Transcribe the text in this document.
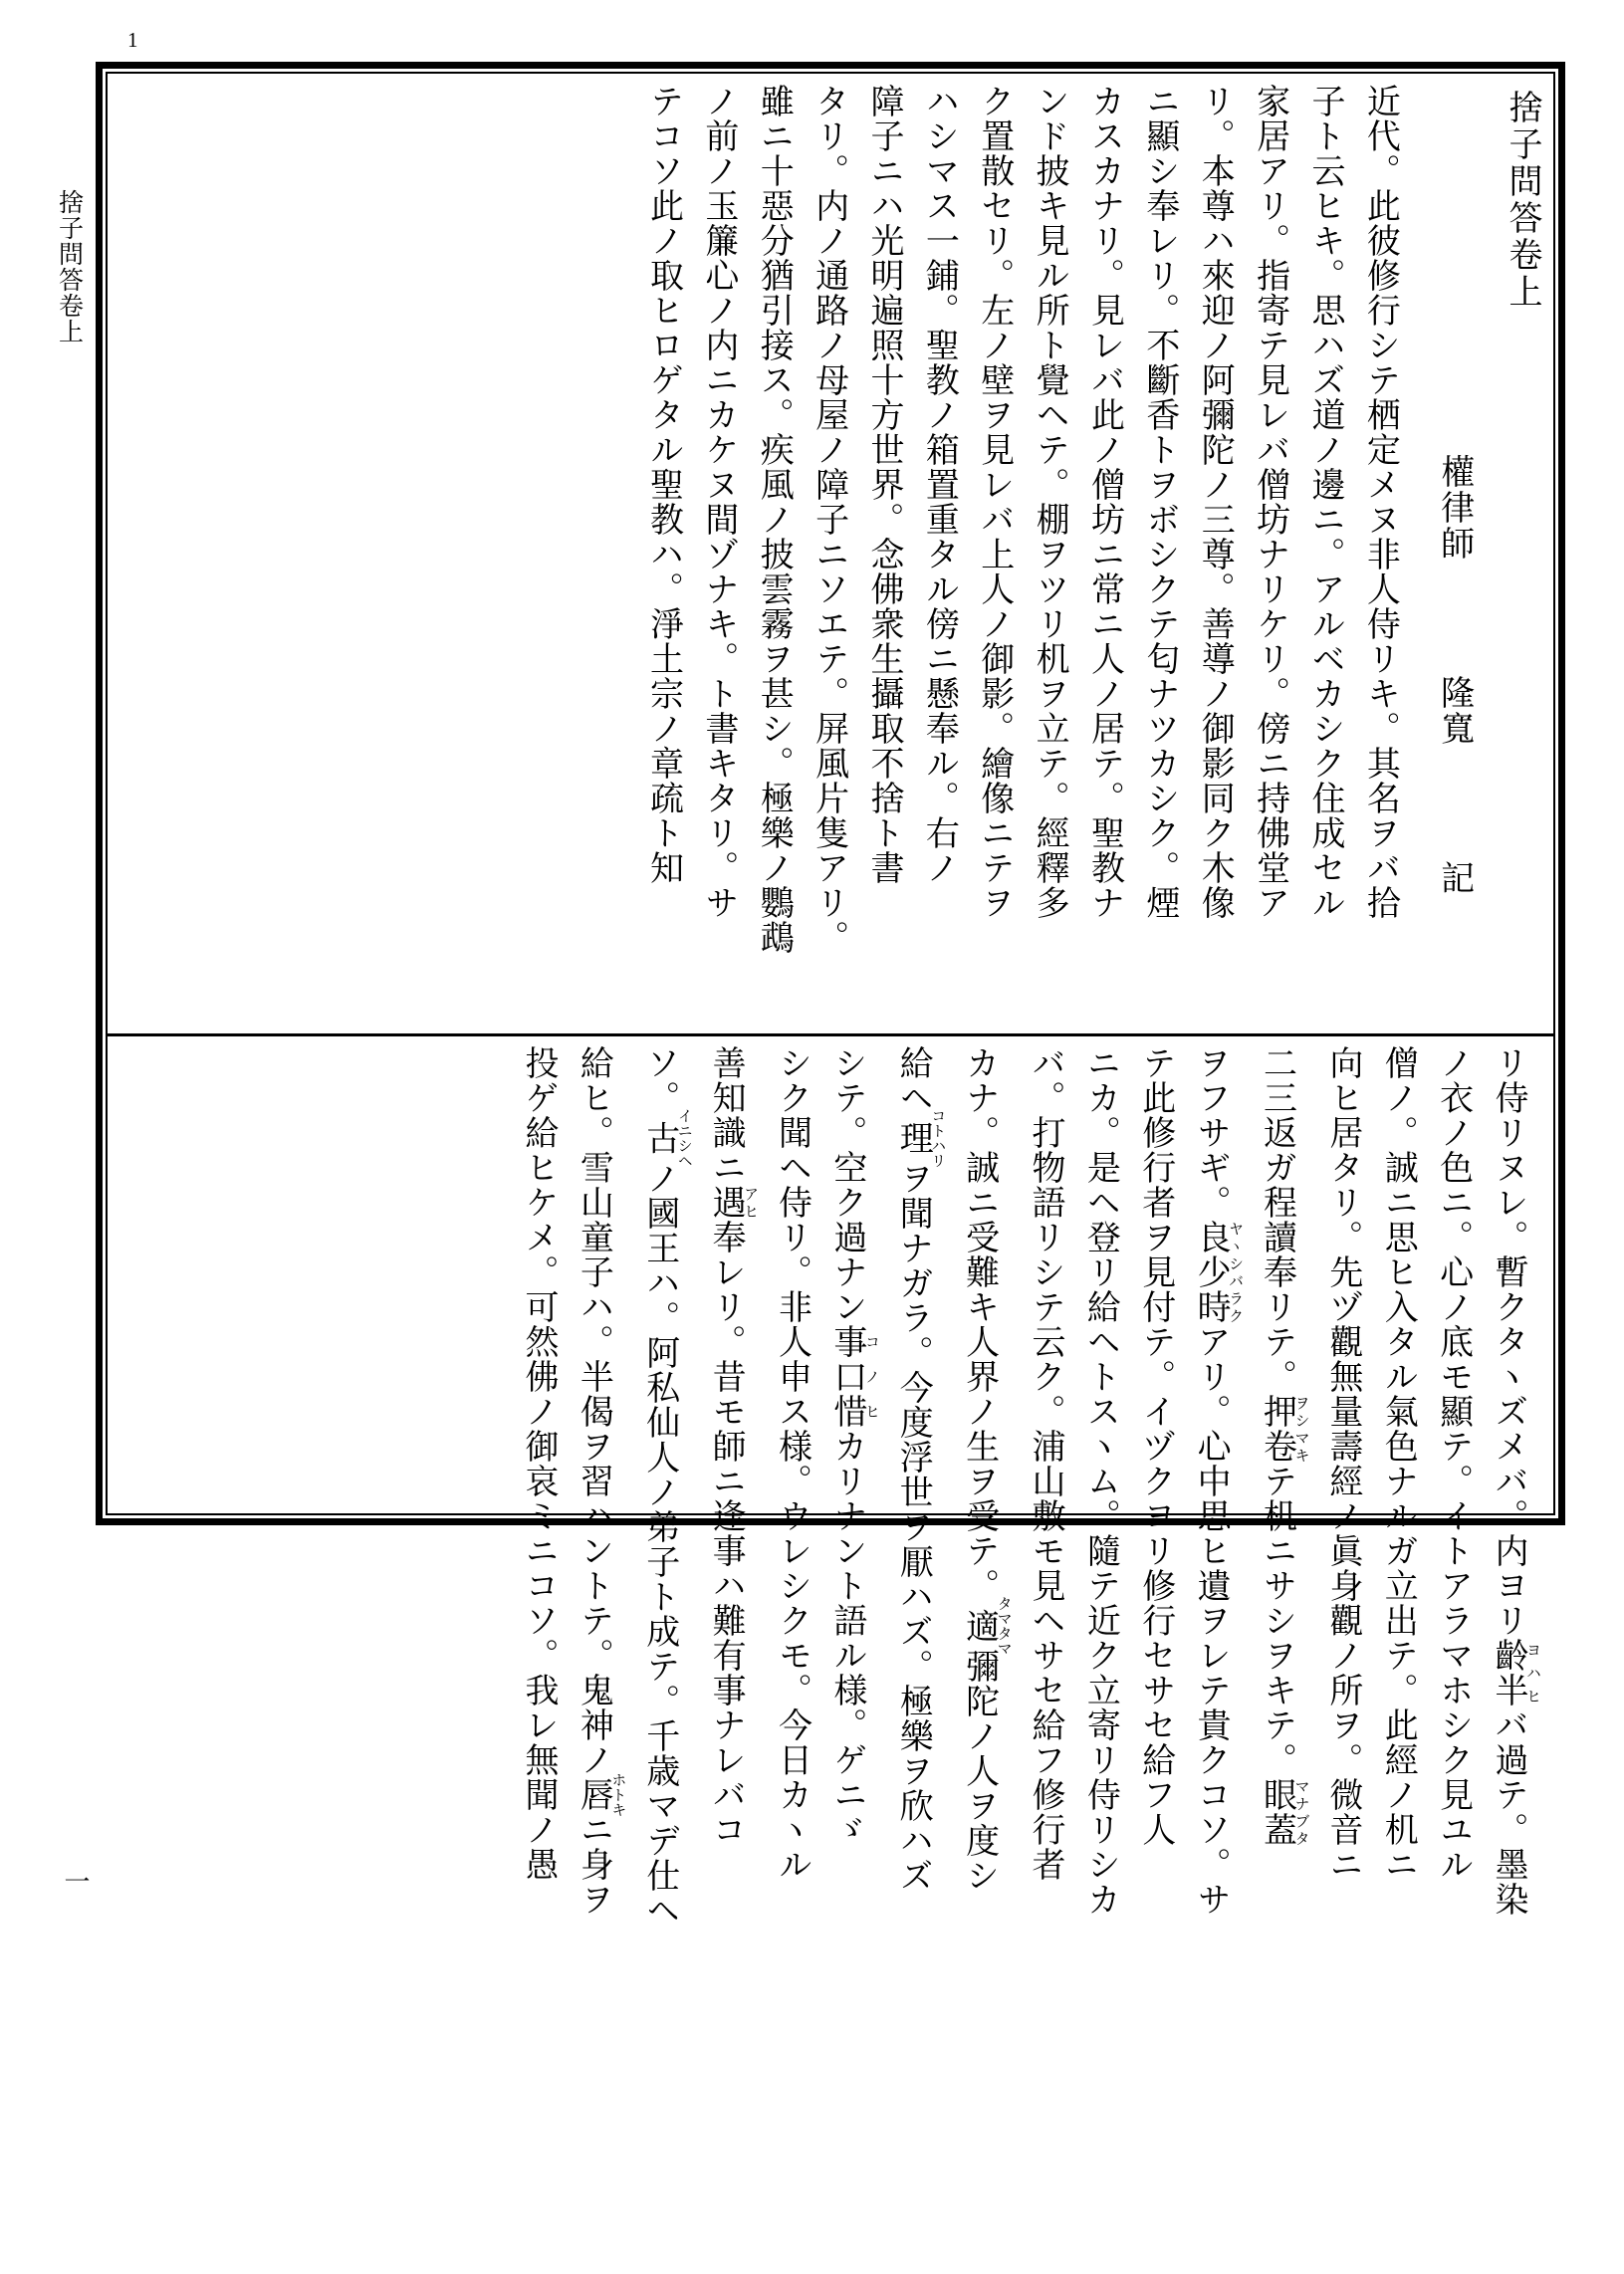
1
捨子問答卷上
一
捨子問答卷上
權律師  隆寬  記
近代。此彼修行シテ栖定メヌ非人侍リキ。其名ヲバ拾
子ト云ヒキ。思ハズ道ノ邊ニ。アルベカシク住成セル
家居アリ。指寄テ見レバ僧坊ナリケリ。傍ニ持佛堂ア
リ。本尊ハ來迎ノ阿彌陀ノ三尊。善導ノ御影同ク木像
ニ顯シ奉レリ。不斷香トヲボシクテ匂ナツカシク。煙
カスカナリ。見レバ此ノ僧坊ニ常ニ人ノ居テ。聖教ナ
ンド披キ見ル所ト覺ヘテ。棚ヲツリ机ヲ立テ。經釋多
ク置散セリ。左ノ壁ヲ見レバ上人ノ御影。繪像ニテヲ
ハシマス一鋪。聖教ノ箱置重タル傍ニ懸奉ル。右ノ
障子ニハ光明遍照十方世界。念佛衆生攝取不捨ト書
タリ。内ノ通路ノ母屋ノ障子ニソエテ。屏風片隻アリ。
雖ニ十惡分猶引接ス。疾風ノ披雲霧ヲ甚シ。極樂ノ鸚鵡
ノ前ノ玉簾心ノ内ニカケヌ間ゾナキ。ト書キタリ。サ
テコソ此ノ取ヒロゲタル聖教ハ。淨土宗ノ章疏ト知
リ侍リヌレ。暫クタヽズメバ。内ヨリ齡半ヨハヒバ過テ。墨染
ノ衣ノ色ニ。心ノ底モ顯テ。イトアラマホシク見ユル
僧ノ。誠ニ思ヒ入タル氣色ナルガ立出テ。此經ノ机ニ
向ヒ居タリ。先ヅ觀無量壽經ノ眞身觀ノ所ヲ。微音ニ
二三返ガ程讀奉リテ。押卷ヲシマキテ机ニサシヲキテ。眼蓋マナブタ
ヲフサギ。良少時ヤヽシバラクアリ。心中思ヒ遺ヲレテ貴クコソ。サ
テ此修行者ヲ見付テ。イヅクヨリ修行セサセ給フ人
ニカ。是ヘ登リ給ヘトスヽム。隨テ近ク立寄リ侍リシカ
バ。打物語リシテ云ク。浦山敷モ見ヘサセ給フ修行者
カナ。誠ニ受難キ人界ノ生ヲ受テ。適タマタマ彌陀ノ人ヲ度シ
給ヘ理コトハリヲ聞ナガラ。今度浮世ヲ厭ハズ。極樂ヲ欣ハズ
シテ。空ク過ナン事口惜コノヒカリナント語ル様。ゲニゞ
シク聞ヘ侍リ。非人申ス様。ウレシクモ。今日カヽル
善知識ニ遇アヒ奉レリ。昔モ師ニ逢事ハ難有事ナレバコ
ソ。古イニシヘノ國王ハ。阿私仙人ノ弟子ト成テ。千歳マデ仕ヘ
給ヒ。雪山童子ハ。半偈ヲ習ハントテ。鬼神ノ唇ホトキニ身ヲ
投ゲ給ヒケメ。可然佛ノ御哀ミニコソ。我レ無聞ノ愚
